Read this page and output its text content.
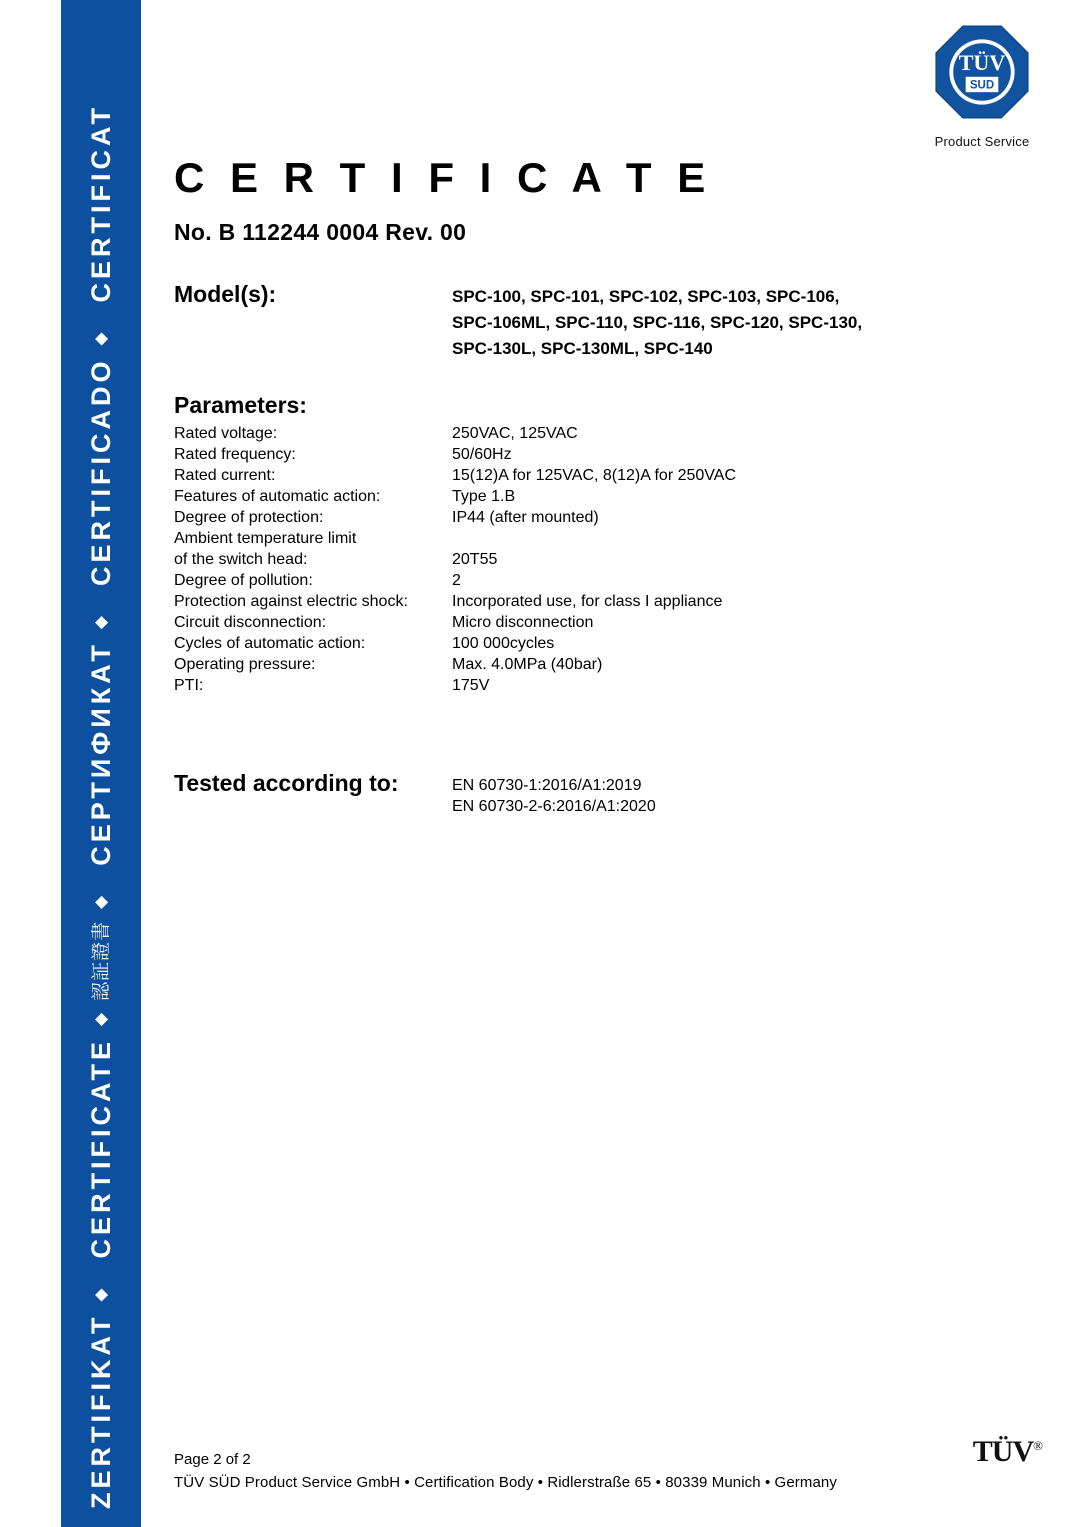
ZERTIFIKAT
◆
CERTIFICATE
◆
認証證書
◆
СЕРТИФИКАТ
◆
CERTIFICADO
◆
CERTIFICAT
TÜV
SUD
Product Service
C E R T I F I C A T E
No. B 112244 0004 Rev. 00
Model(s):	SPC-100, SPC-101, SPC-102, SPC-103, SPC-106,
SPC-106ML, SPC-110, SPC-116, SPC-120, SPC-130,
SPC-130L, SPC-130ML, SPC-140
Parameters:
Rated voltage:	250VAC, 125VAC
Rated frequency:	50/60Hz
Rated current:	15(12)A for 125VAC, 8(12)A for 250VAC
Features of automatic action:	Type 1.B
Degree of protection:	IP44 (after mounted)
Ambient temperature limit
of the switch head:	20T55
Degree of pollution:	2
Protection against electric shock:	Incorporated use, for class I appliance
Circuit disconnection:	Micro disconnection
Cycles of automatic action:	100 000cycles
Operating pressure:	Max. 4.0MPa (40bar)
PTI:	175V
Tested according to:	EN 60730-1:2016/A1:2019
EN 60730-2-6:2016/A1:2020
Page 2 of 2
TÜV SÜD Product Service GmbH • Certification Body • Ridlerstraße 65 • 80339 Munich • Germany
TÜV®
